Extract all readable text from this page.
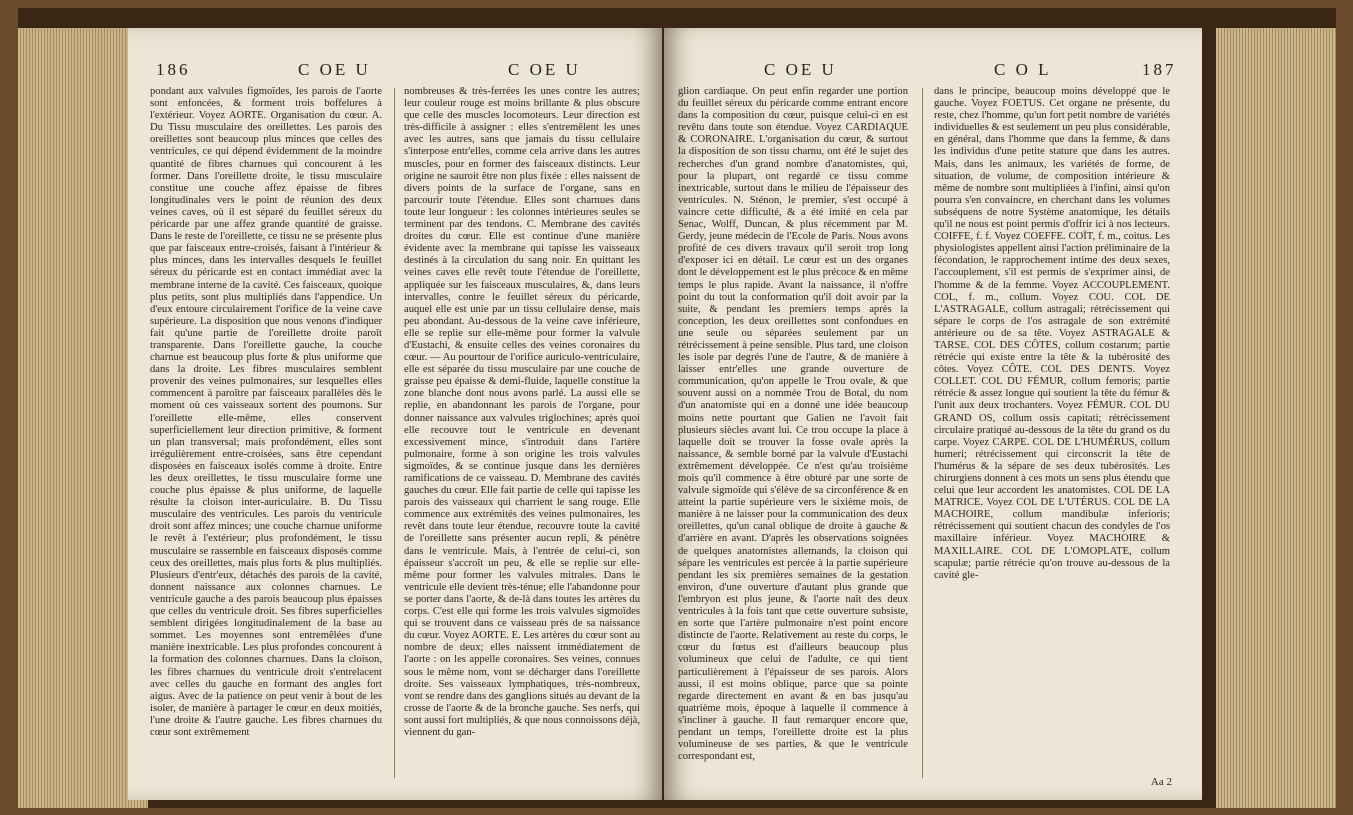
186	C OE U	C OE U
pondant aux valvules figmoïdes, les parois de l'aorte sont enfoncées, & forment trois boffelures à l'extérieur. Voyez AORTE. Organisation du cœur. A. Du Tissu musculaire des oreillettes. Les parois des oreillettes sont beaucoup plus minces que celles des ventricules, ce qui dépend évidemment de la moindre quantité de fibres charnues qui concourent à les former. Dans l'oreillette droite, le tissu musculaire constitue une couche affez épaisse de fibres longitudinales vers le point de réunion des deux veines caves, où il est séparé du feuillet séreux du péricarde par une affez grande quantité de graisse. Dans le reste de l'oreillette, ce tissu ne se présente plus que par faisceaux entre-croisés, faisant à l'intérieur & plus minces, dans les intervalles desquels le feuillet séreux du péricarde est en contact immédiat avec la membrane interne de la cavité. Ces faisceaux, quoique plus petits, sont plus multipliés dans l'appendice. Un d'eux entoure circulairement l'orifice de la veine cave supérieure. La disposition que nous venons d'indiquer fait qu'une partie de l'oreillette droite paroît transparente. Dans l'oreillette gauche, la couche charnue est beaucoup plus forte & plus uniforme que dans la droite. Les fibres musculaires semblent provenir des veines pulmonaires, sur lesquelles elles commencent à paroître par faisceaux parallèles dès le moment où ces vaisseaux sortent des poumons. Sur l'oreillette elle-même, elles conservent superficiellement leur direction primitive, & forment un plan transversal; mais profondément, elles sont irrégulièrement entre-croisées, sans être cependant disposées en faisceaux isolés comme à droite. Entre les deux oreillettes, le tissu musculaire forme une couche plus épaisse & plus uniforme, de laquelle résulte la cloison inter-auriculaire. B. Du Tissu musculaire des ventricules. Les parois du ventricule droit sont affez minces; une couche charnue uniforme le revêt à l'extérieur; plus profondément, le tissu musculaire se rassemble en faisceaux disposés comme ceux des oreillettes, mais plus forts & plus multipliés. Plusieurs d'entr'eux, détachés des parois de la cavité, donnent naissance aux colonnes charnues. Le ventricule gauche a des parois beaucoup plus épaisses que celles du ventricule droit. Ses fibres superficielles semblent dirigées longitudinalement de la base au sommet. Les moyennes sont entremêlées d'une manière inextricable. Les plus profondes concourent à la formation des colonnes charnues. Dans la cloison, les fibres charnues du ventricule droit s'entrelacent avec celles du gauche en formant des angles fort aigus. Avec de la patience on peut venir à bout de les isoler, de manière à partager le cœur en deux moitiés, l'une droite & l'autre gauche. Les fibres charnues du cœur sont extrêmement
nombreuses & très-ferrées les unes contre les autres; leur couleur rouge est moins brillante & plus obscure que celle des muscles locomoteurs. Leur direction est très-difficile à assigner : elles s'entremêlent les unes avec les autres, sans que jamais du tissu cellulaire s'interpose entr'elles, comme cela arrive dans les autres muscles, pour en former des faisceaux distincts. Leur origine ne sauroit être non plus fixée : elles naissent de divers points de la surface de l'organe, sans en parcourir toute l'étendue. Elles sont charnues dans toute leur longueur : les colonnes intérieures seules se terminent par des tendons. C. Membrane des cavités droites du cœur. Elle est continue d'une manière évidente avec la membrane qui tapisse les vaisseaux destinés à la circulation du sang noir. En quittant les veines caves elle revêt toute l'étendue de l'oreillette, appliquée sur les faisceaux musculaires, &, dans leurs intervalles, contre le feuillet séreux du péricarde, auquel elle est unie par un tissu cellulaire dense, mais peu abondant. Au-dessous de la veine cave inférieure, elle se replie sur elle-même pour former la valvule d'Eustachi, & ensuite celles des veines coronaires du cœur. — Au pourtour de l'orifice auriculo-ventriculaire, elle est séparée du tissu musculaire par une couche de graisse peu épaisse & demi-fluide, laquelle constitue la zone blanche dont nous avons parlé. La aussi elle se replie, en abandonnant les parois de l'organe, pour donner naissance aux valvules triglochines; après quoi elle recouvre tout le ventricule en devenant excessivement mince, s'introduit dans l'artère pulmonaire, forme à son origine les trois valvules sigmoïdes, & se continue jusque dans les dernières ramifications de ce vaisseau. D. Membrane des cavités gauches du cœur. Elle fait partie de celle qui tapisse les parois des vaisseaux qui charrient le sang rouge. Elle commence aux extrémités des veines pulmonaires, les revêt dans toute leur étendue, recouvre toute la cavité de l'oreillette sans présenter aucun repli, & pénètre dans le ventricule. Mais, à l'entrée de celui-ci, son épaisseur s'accroît un peu, & elle se replie sur elle-même pour former les valvules mitrales. Dans le ventricule elle devient très-ténue; elle l'abandonne pour se porter dans l'aorte, & de-là dans toutes les artères du corps. C'est elle qui forme les trois valvules sigmoïdes qui se trouvent dans ce vaisseau près de sa naissance du cœur. Voyez AORTE. E. Les artères du cœur sont au nombre de deux; elles naissent immédiatement de l'aorte : on les appelle coronaires. Ses veines, connues sous le même nom, vont se décharger dans l'oreillette droite. Ses vaisseaux lymphatiques, très-nombreux, vont se rendre dans des ganglions situés au devant de la crosse de l'aorte & de la bronche gauche. Ses nerfs, qui sont aussi fort multipliés, & que nous connoissons déjà, viennent du gan-
C OE U	C O L	187
glion cardiaque. On peut enfin regarder une portion du feuillet séreux du péricarde comme entrant encore dans la composition du cœur, puisque celui-ci en est revêtu dans toute son étendue. Voyez CARDIAQUE & CORONAIRE. L'organisation du cœur, & surtout la disposition de son tissu charnu, ont été le sujet des recherches d'un grand nombre d'anatomistes, qui, pour la plupart, ont regardé ce tissu comme inextricable, surtout dans le milieu de l'épaisseur des ventricules. N. Sténon, le premier, s'est occupé à vaincre cette difficulté, & a été imité en cela par Senac, Wolff, Duncan, & plus récemment par M. Gerdy, jeune médecin de l'Ecole de Paris. Nous avons profité de ces divers travaux qu'il seroit trop long d'exposer ici en détail. Le cœur est un des organes dont le développement est le plus précoce & en même temps le plus rapide. Avant la naissance, il n'offre point du tout la conformation qu'il doit avoir par la suite, & pendant les premiers temps après la conception, les deux oreillettes sont confondues en une seule ou séparées seulement par un rétrécissement à peine sensible. Plus tard, une cloison les isole par degrés l'une de l'autre, & de manière à laisser entr'elles une grande ouverture de communication, qu'on appelle le Trou ovale, & que souvent aussi on a nommée Trou de Botal, du nom d'un anatomiste qui en a donné une idée beaucoup moins nette pourtant que Galien ne l'avoit fait plusieurs siècles avant lui. Ce trou occupe la place à laquelle doit se trouver la fosse ovale après la naissance, & semble borné par la valvule d'Eustachi extrêmement développée. Ce n'est qu'au troisième mois qu'il commence à être obturé par une sorte de valvule sigmoïde qui s'élève de sa circonférence & en atteint la partie supérieure vers le sixième mois, de manière à ne laisser pour la communication des deux oreillettes, qu'un canal oblique de droite à gauche & d'arrière en avant. D'après les observations soignées de quelques anatomistes allemands, la cloison qui sépare les ventricules est percée à la partie supérieure pendant les six premières semaines de la gestation environ, d'une ouverture d'autant plus grande que l'embryon est plus jeune, & l'aorte naît des deux ventricules à la fois tant que cette ouverture subsiste, en sorte que l'artère pulmonaire n'est point encore distincte de l'aorte. Relativement au reste du corps, le cœur du fœtus est d'ailleurs beaucoup plus volumineux que celui de l'adulte, ce qui tient particulièrement à l'épaisseur de ses parois. Alors aussi, il est moins oblique, parce que sa pointe regarde directement en avant & en bas jusqu'au quatrième mois, époque à laquelle il commence à s'incliner à gauche. Il faut remarquer encore que, pendant un temps, l'oreillette droite est la plus volumineuse de ses parties, & que le ventricule correspondant est,
dans le principe, beaucoup moins développé que le gauche. Voyez FOETUS. Cet organe ne présente, du reste, chez l'homme, qu'un fort petit nombre de variétés individuelles & est seulement un peu plus considérable, en général, dans l'homme que dans la femme, & dans les individus d'une petite stature que dans les autres. Mais, dans les animaux, les variétés de forme, de situation, de volume, de composition intérieure & même de nombre sont multipliées à l'infini, ainsi qu'on pourra s'en convaincre, en cherchant dans les volumes subséquens de notre Système anatomique, les détails qu'il ne nous est point permis d'offrir ici à nos lecteurs. COIFFE, f. f. Voyez COEFFE. COÏT, f. m., coitus. Les physiologistes appellent ainsi l'action préliminaire de la fécondation, le rapprochement intime des deux sexes, l'accouplement, s'il est permis de s'exprimer ainsi, de l'homme & de la femme. Voyez ACCOUPLEMENT. COL, f. m., collum. Voyez COU. COL DE L'ASTRAGALE, collum astragali; rétrécissement qui sépare le corps de l'os astragale de son extrémité antérieure ou de sa tête. Voyez ASTRAGALE & TARSE. COL DES CÔTES, collum costarum; partie rétrécie qui existe entre la tête & la tubérosité des côtes. Voyez CÔTE. COL DES DENTS. Voyez COLLET. COL DU FÉMUR, collum femoris; partie rétrécie & assez longue qui soutient la tête du fémur & l'unit aux deux trochanters. Voyez FÉMUR. COL DU GRAND OS, collum ossis capitati; rétrécissement circulaire pratiqué au-dessous de la tête du grand os du carpe. Voyez CARPE. COL DE L'HUMÉRUS, collum humeri; rétrécissement qui circonscrit la tête de l'humérus & la sépare de ses deux tubérosités. Les chirurgiens donnent à ces mots un sens plus étendu que celui que leur accordent les anatomistes. COL DE LA MATRICE. Voyez COL DE L'UTÉRUS. COL DE LA MACHOIRE, collum mandibulæ inferioris; rétrécissement qui soutient chacun des condyles de l'os maxillaire inférieur. Voyez MACHOIRE & MAXILLAIRE. COL DE L'OMOPLATE, collum scapulæ; partie rétrécie qu'on trouve au-dessous de la cavité gle-
Aa 2
